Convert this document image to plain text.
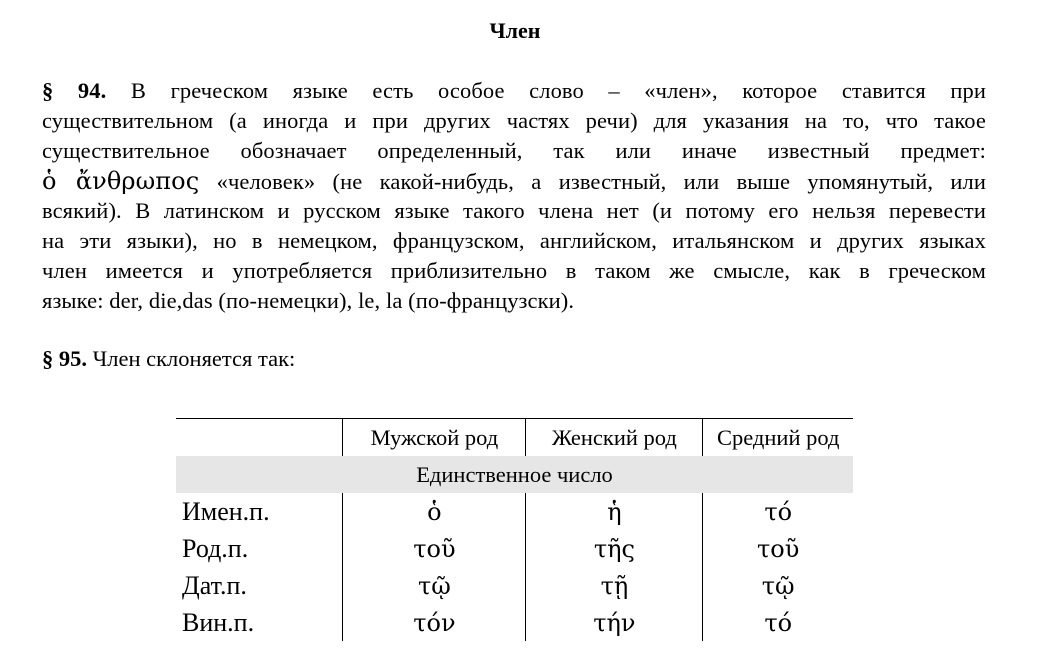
Член
§ 94. В греческом языке есть особое слово – «член», которое ставится при
существительном (а иногда и при других частях речи) для указания на то, что такое
существительное обозначает определенный, так или иначе известный предмет:
ὁ ἄνθρωπος «человек» (не какой-нибудь, а известный, или выше упомянутый, или
всякий). В латинском и русском языке такого члена нет (и потому его нельзя перевести
на эти языки), но в немецком, французском, английском, итальянском и других языках
член имеется и употребляется приблизительно в таком же смысле, как в греческом
языке: der, die,das (по-немецки), le, la (по-французски).
§ 95. Член склоняется так:
	Мужской род	Женский род	Средний род
Единственное число			
Имен.п.	ὁ	ἡ	τό
Род.п.	τοῦ	τῆς	τοῦ
Дат.п.	τῷ	τῇ	τῷ
Вин.п.	τόν	τήν	τό
